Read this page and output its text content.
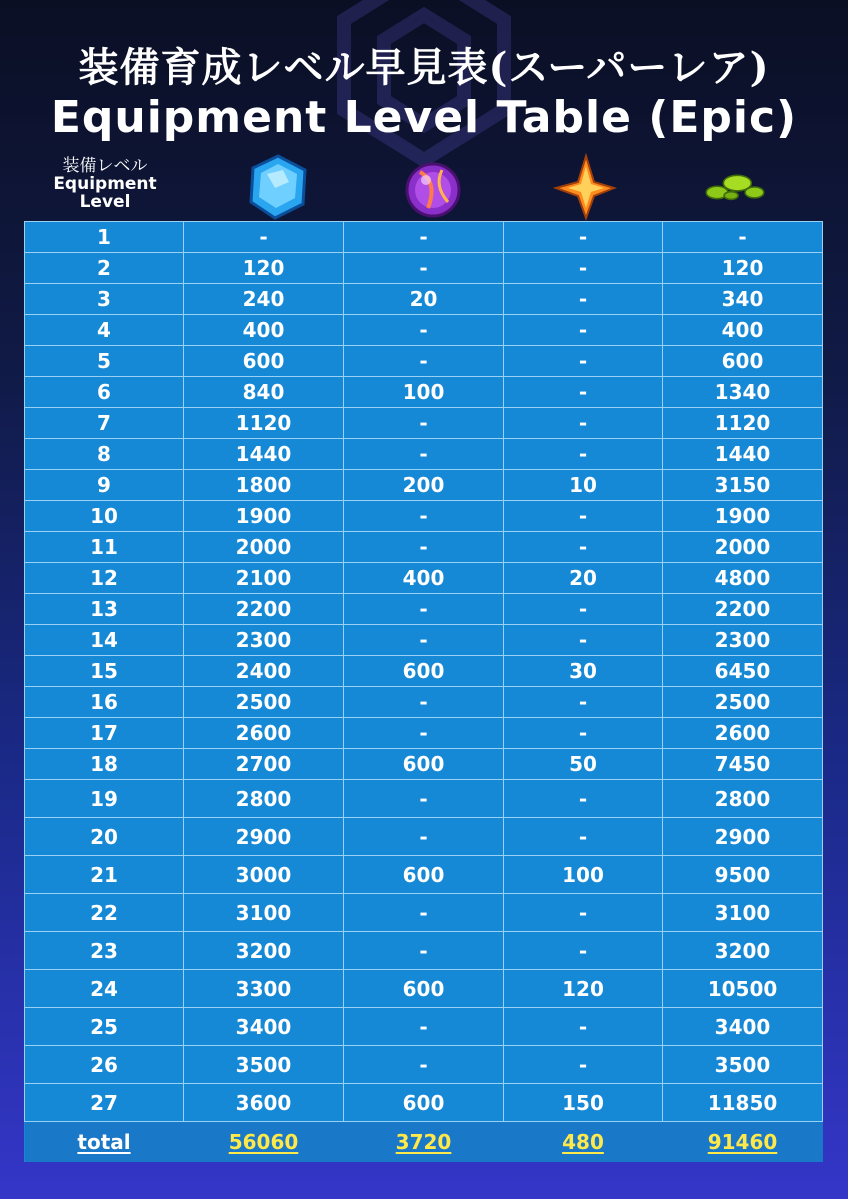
装備育成レベル早見表(スーパーレア)
Equipment Level Table (Epic)
装備レベル
Equipment
Level
1	-	-	-	-
2	120	-	-	120
3	240	20	-	340
4	400	-	-	400
5	600	-	-	600
6	840	100	-	1340
7	1120	-	-	1120
8	1440	-	-	1440
9	1800	200	10	3150
10	1900	-	-	1900
11	2000	-	-	2000
12	2100	400	20	4800
13	2200	-	-	2200
14	2300	-	-	2300
15	2400	600	30	6450
16	2500	-	-	2500
17	2600	-	-	2600
18	2700	600	50	7450
19	2800	-	-	2800
20	2900	-	-	2900
21	3000	600	100	9500
22	3100	-	-	3100
23	3200	-	-	3200
24	3300	600	120	10500
25	3400	-	-	3400
26	3500	-	-	3500
27	3600	600	150	11850
total	56060	3720	480	91460
